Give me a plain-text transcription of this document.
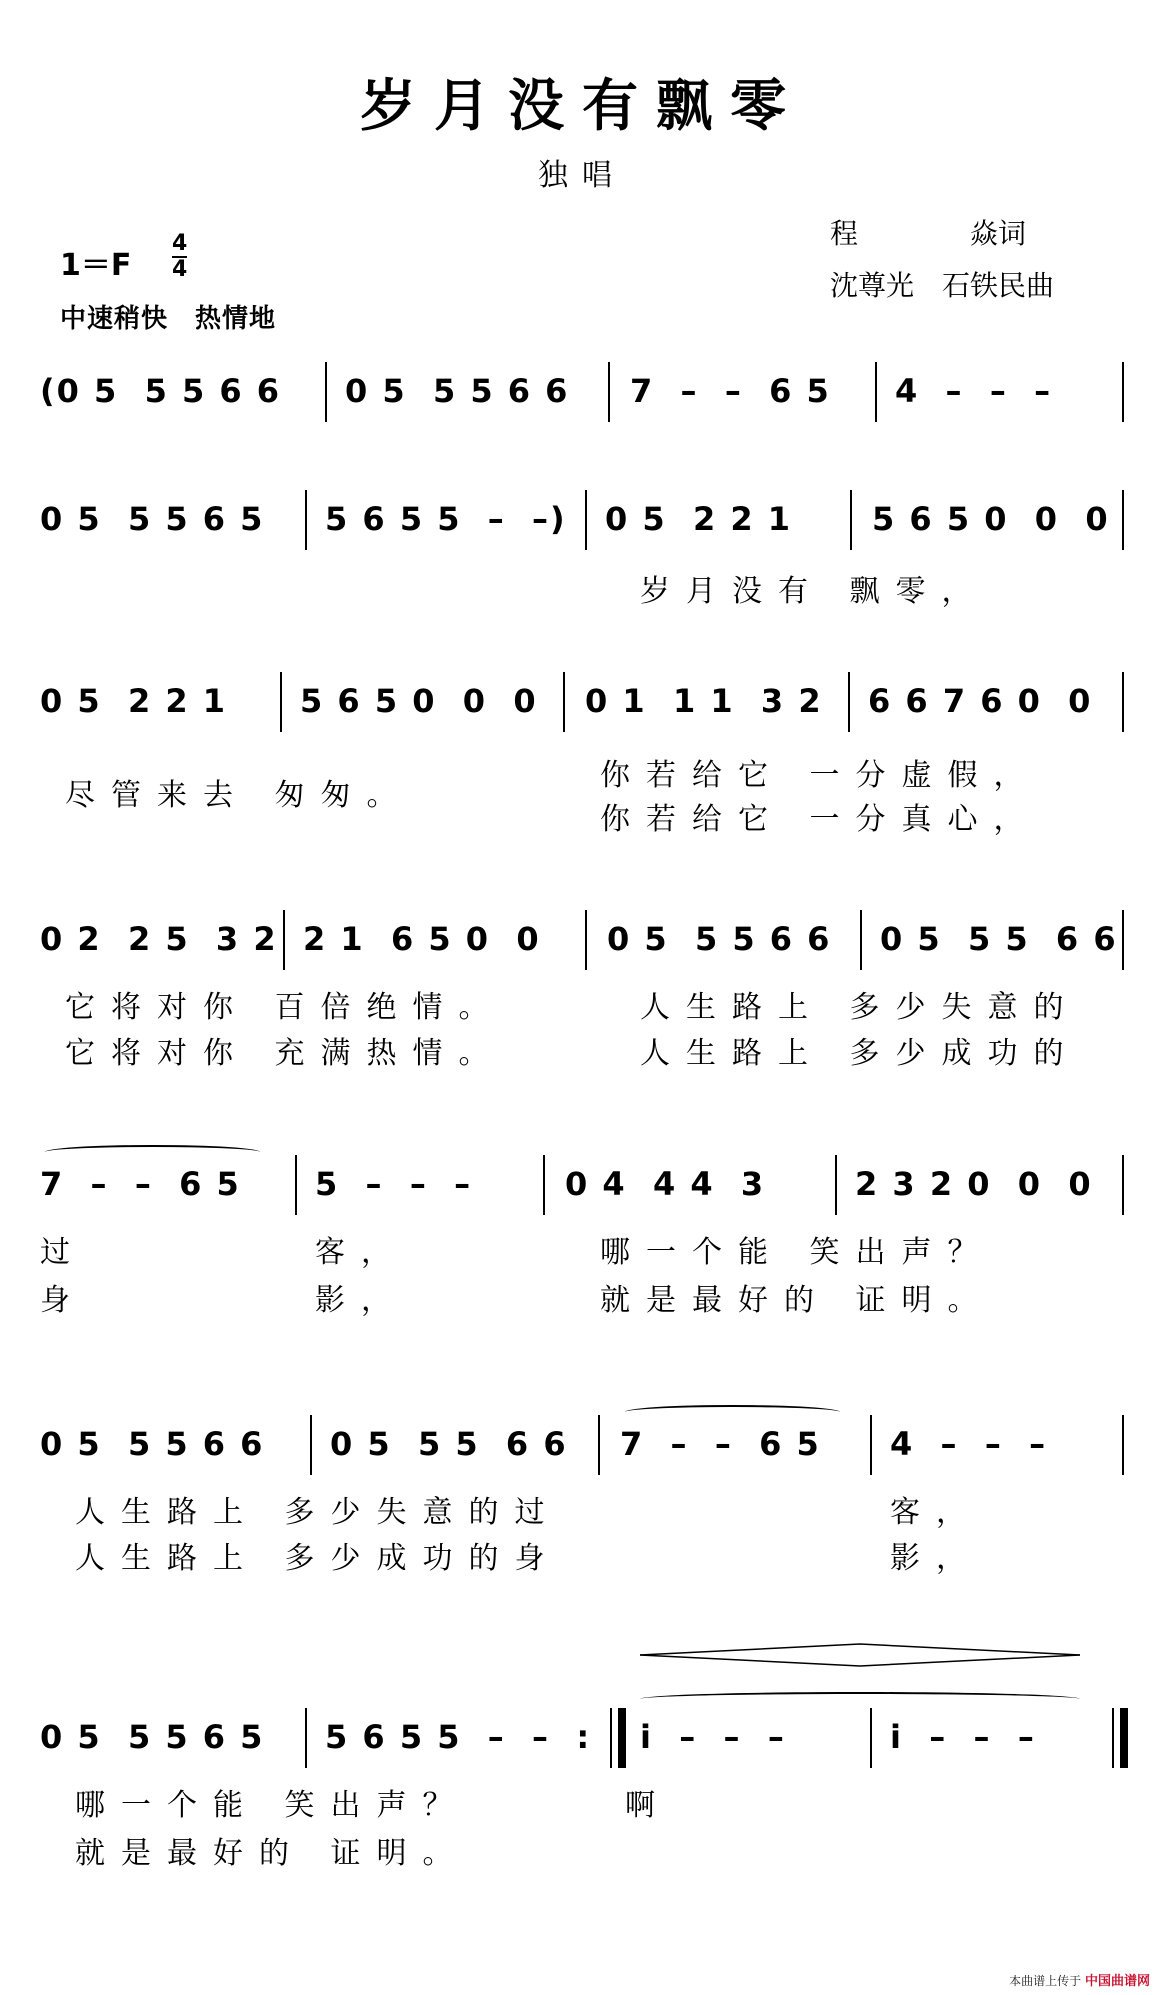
岁月没有飘零
独唱
1＝F
4
4
中速稍快　热情地
程　　　　焱词
沈尊光　石铁民曲
(0 5  5 5 6 6 0 5  5 5 6 6 7  –  –  6 5 4  –  –  –
0 5  5 5 6 5 5 6 5 5  –  –) 0 5  2 2 1 5 6 5 0  0  0
岁月没有 飘零，
0 5  2 2 1 5 6 5 0  0  0 0 1  1 1  3 2 6 6 7 6 0  0
尽管来去 匆匆。
你若给它 一分虚假，
你若给它 一分真心，
0 2  2 5  3 2 2 1  6 5 0  0 0 5  5 5 6 6 0 5  5 5  6 6
它将对你 百倍绝情。	人生路上 多少失意的
它将对你 充满热情。	人生路上 多少成功的
7  –  –  6 5 5  –  –  –	0 4  4 4  3	2 3 2 0  0  0
过	客，	哪一个能 笑出声？
身	影，	就是最好的 证明。
0 5  5 5 6 6 0 5  5 5  6 6 7  –  –  6 5 4  –  –  –
人生路上 多少失意的过	客，
人生路上 多少成功的身	影，
0 5  5 5 6 5 5 6 5 5  –  –  : i  –  –  –	i  –  –  –
哪一个能 笑出声？	啊
就是最好的 证明。
本曲谱上传于 中国曲谱网
